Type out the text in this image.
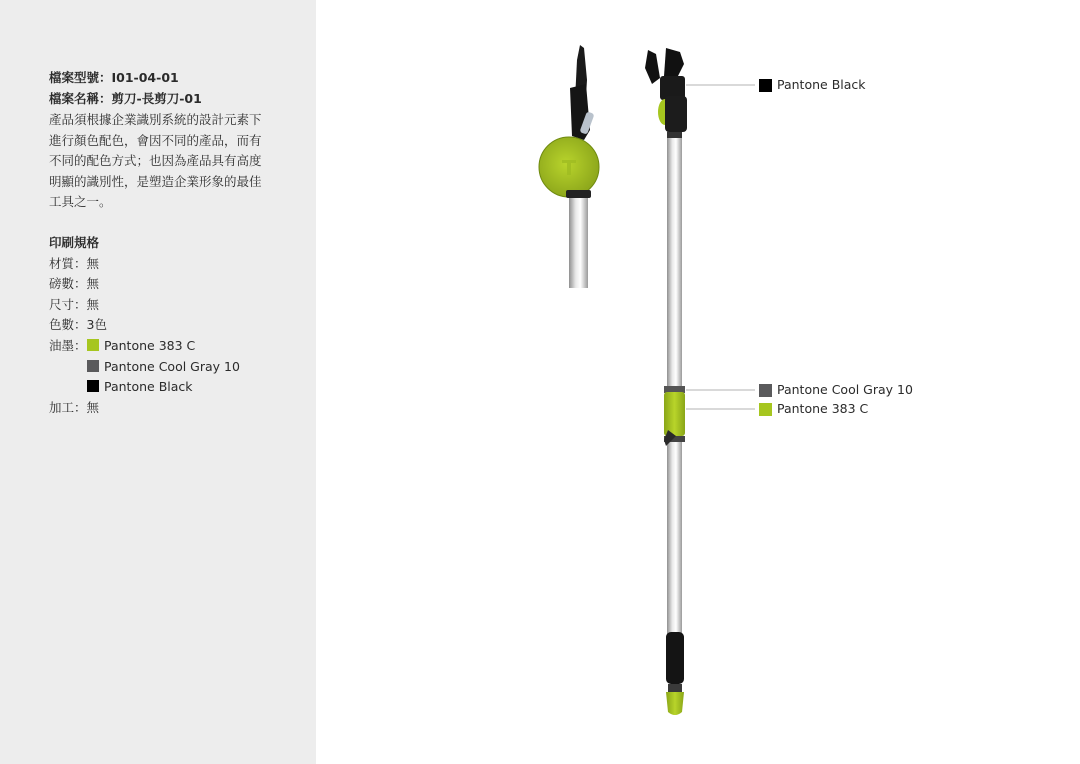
檔案型號：I01-04-01
檔案名稱：剪刀-長剪刀-01
產品須根據企業識別系統的設計元素下
進行顏色配色，會因不同的產品，而有
不同的配色方式；也因為產品具有高度
明顯的識別性，是塑造企業形象的最佳
工具之一。
印刷規格
材質：無
磅數：無
尺寸：無
色數：3色
油墨：	Pantone 383 C
Pantone Cool Gray 10
Pantone Black
加工：無
Pantone Black
Pantone Cool Gray 10
Pantone 383 C
